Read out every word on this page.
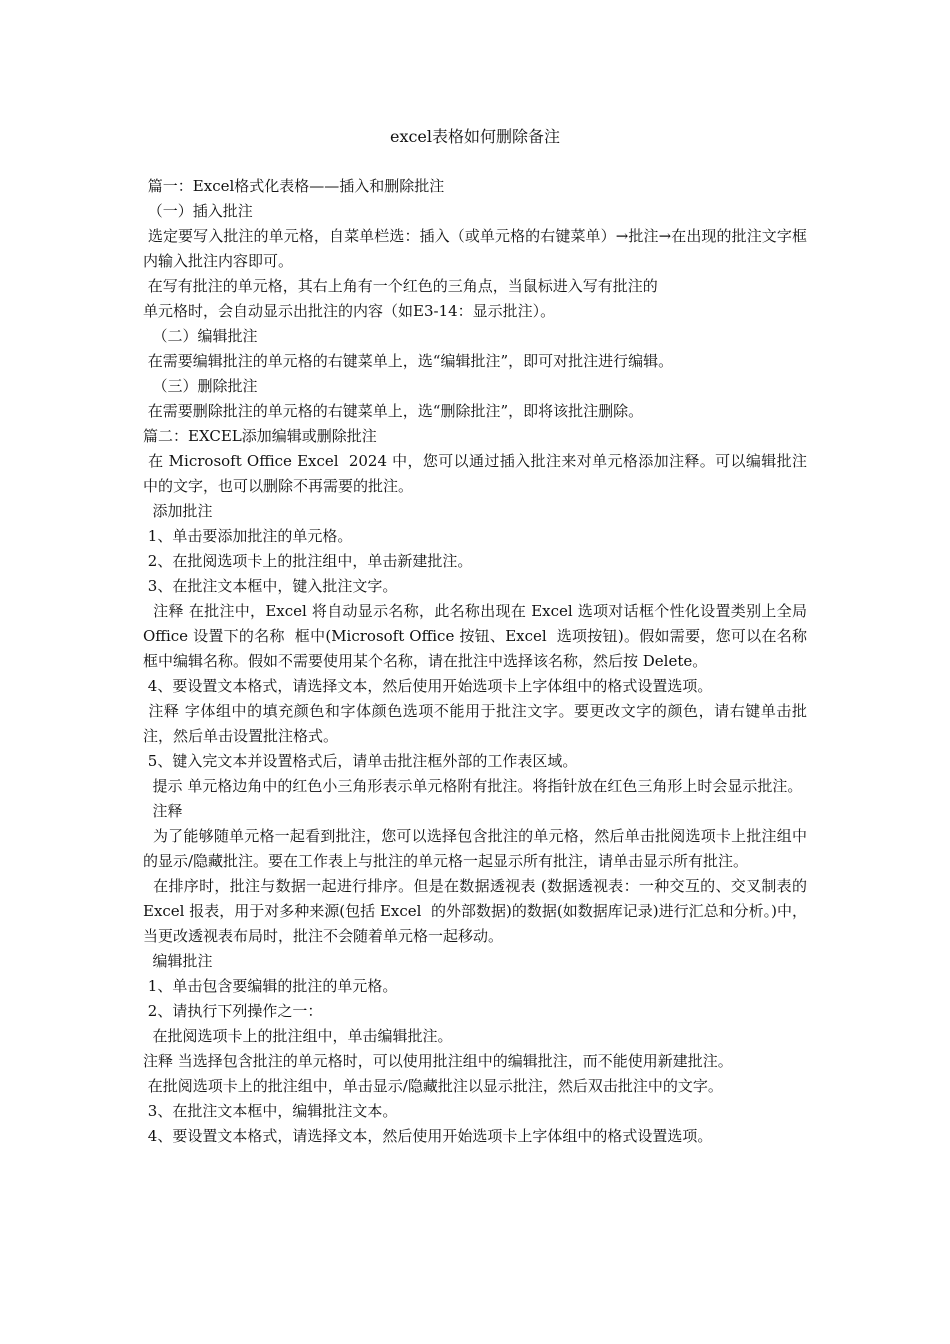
excel表格如何删除备注

篇一：Excel格式化表格——插入和删除批注

（一）插入批注

选定要写入批注的单元格，自菜单栏选：插入（或单元格的右键菜单）→批注→在出现的批注文字框内输入批注内容即可。

在写有批注的单元格，其右上角有一个红色的三角点，当鼠标进入写有批注的

单元格时，会自动显示出批注的内容（如E3-14：显示批注）。

（二）编辑批注

在需要编辑批注的单元格的右键菜单上，选“编辑批注”，即可对批注进行编辑。

（三）删除批注

在需要删除批注的单元格的右键菜单上，选“删除批注”，即将该批注删除。

篇二：EXCEL添加编辑或删除批注

在 Microsoft Office Excel  2024 中，您可以通过插入批注来对单元格添加注释。可以编辑批注中的文字，也可以删除不再需要的批注。

添加批注

1、单击要添加批注的单元格。

2、在批阅选项卡上的批注组中，单击新建批注。

3、在批注文本框中，键入批注文字。

注释 在批注中，Excel 将自动显示名称，此名称出现在 Excel 选项对话框个性化设置类别上全局 Office 设置下的名称  框中(Microsoft Office 按钮、Excel  选项按钮)。假如需要，您可以在名称框中编辑名称。假如不需要使用某个名称，请在批注中选择该名称，然后按 Delete。

4、要设置文本格式，请选择文本，然后使用开始选项卡上字体组中的格式设置选项。

注释 字体组中的填充颜色和字体颜色选项不能用于批注文字。要更改文字的颜色，请右键单击批注，然后单击设置批注格式。

5、键入完文本并设置格式后，请单击批注框外部的工作表区域。

提示 单元格边角中的红色小三角形表示单元格附有批注。将指针放在红色三角形上时会显示批注。

注释

为了能够随单元格一起看到批注，您可以选择包含批注的单元格，然后单击批阅选项卡上批注组中的显示/隐藏批注。要在工作表上与批注的单元格一起显示所有批注，请单击显示所有批注。

在排序时，批注与数据一起进行排序。但是在数据透视表 (数据透视表：一种交互的、交叉制表的 Excel 报表，用于对多种来源(包括 Excel  的外部数据)的数据(如数据库记录)进行汇总和分析。)中，当更改透视表布局时，批注不会随着单元格一起移动。

编辑批注

1、单击包含要编辑的批注的单元格。

2、请执行下列操作之一：

在批阅选项卡上的批注组中，单击编辑批注。

注释 当选择包含批注的单元格时，可以使用批注组中的编辑批注，而不能使用新建批注。

在批阅选项卡上的批注组中，单击显示/隐藏批注以显示批注，然后双击批注中的文字。

3、在批注文本框中，编辑批注文本。

4、要设置文本格式，请选择文本，然后使用开始选项卡上字体组中的格式设置选项。
